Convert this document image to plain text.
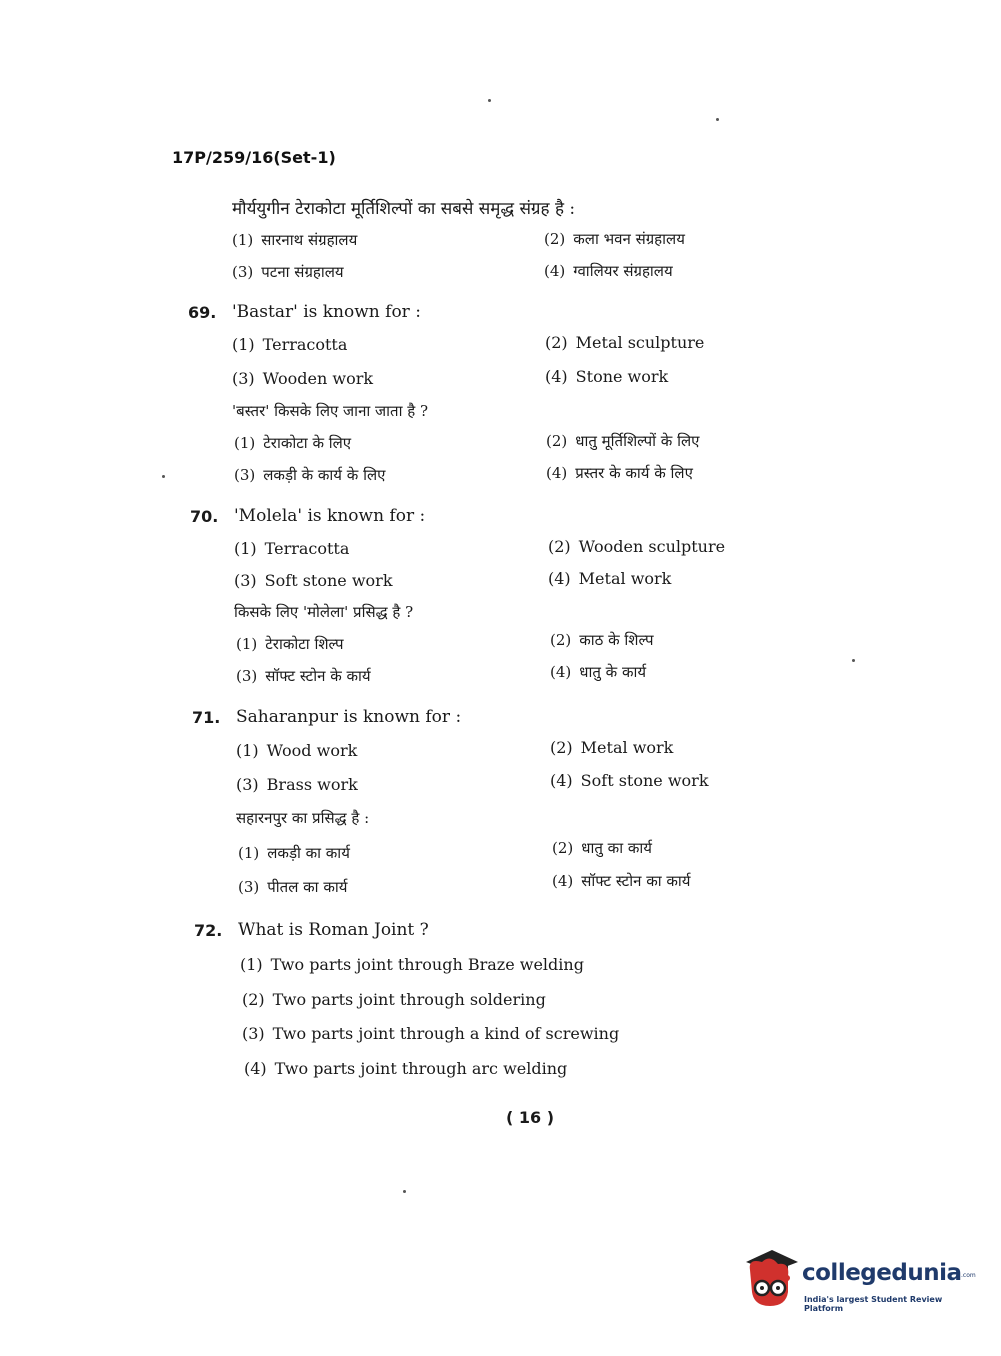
17P/259/16(Set-1)
मौर्ययुगीन टेराकोटा मूर्तिशिल्पों का सबसे समृद्ध संग्रह है :
(1) सारनाथ संग्रहालय	(2) कला भवन संग्रहालय
(3) पटना संग्रहालय	(4) ग्वालियर संग्रहालय
69. 'Bastar' is known for :
(1) Terracotta	(2) Metal sculpture
(3) Wooden work	(4) Stone work
'बस्तर' किसके लिए जाना जाता है ?
(1) टेराकोटा के लिए	(2) धातु मूर्तिशिल्पों के लिए
(3) लकड़ी के कार्य के लिए	(4) प्रस्तर के कार्य के लिए
70. 'Molela' is known for :
(1) Terracotta	(2) Wooden sculpture
(3) Soft stone work	(4) Metal work
किसके लिए 'मोलेला' प्रसिद्ध है ?
(1) टेराकोटा शिल्प	(2) काठ के शिल्प
(3) सॉफ्ट स्टोन के कार्य	(4) धातु के कार्य
71. Saharanpur is known for :
(1) Wood work	(2) Metal work
(3) Brass work	(4) Soft stone work
सहारनपुर का प्रसिद्ध है :
(1) लकड़ी का कार्य	(2) धातु का कार्य
(3) पीतल का कार्य	(4) सॉफ्ट स्टोन का कार्य
72. What is Roman Joint ?
(1) Two parts joint through Braze welding
(2) Two parts joint through soldering
(3) Two parts joint through a kind of screwing
(4) Two parts joint through arc welding
( 16 )
collegedunia .com
India's largest Student Review Platform
